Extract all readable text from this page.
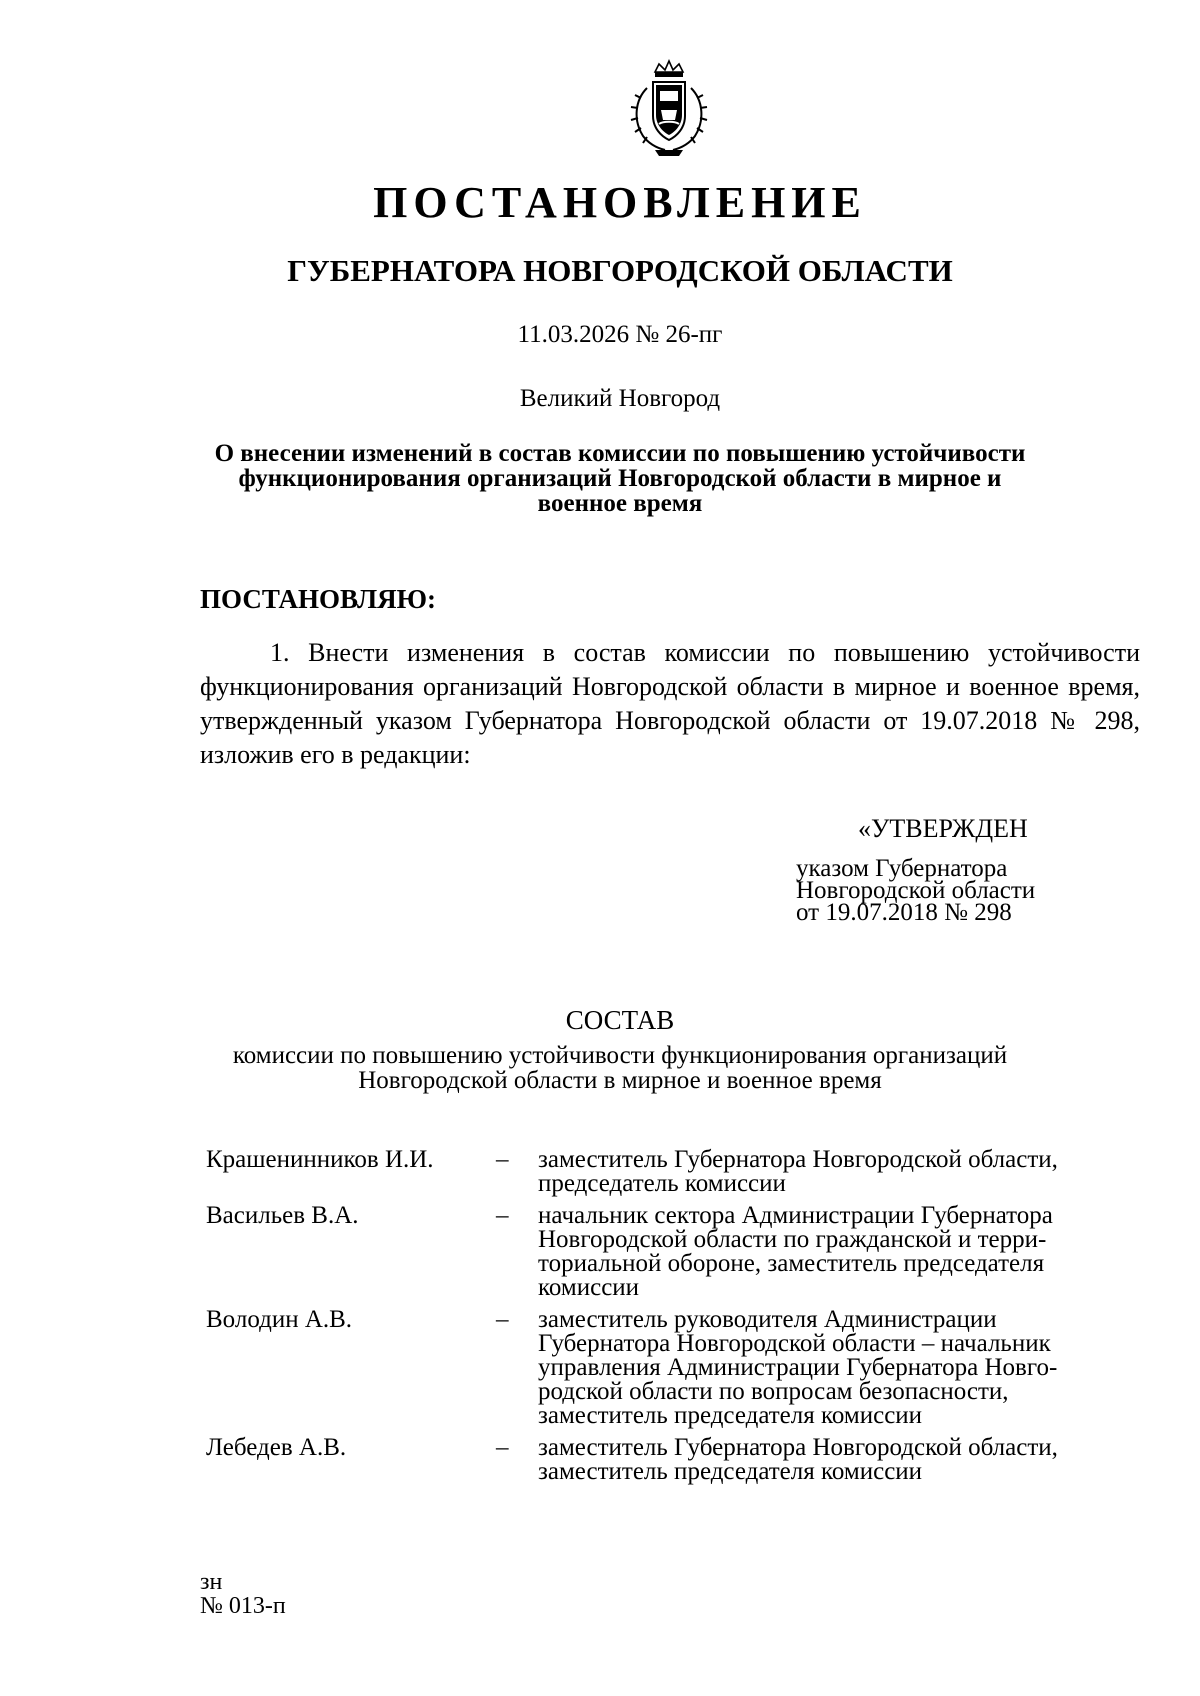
ПОСТАНОВЛЕНИЕ
ГУБЕРНАТОРА НОВГОРОДСКОЙ ОБЛАСТИ
11.03.2026 № 26-пг
Великий Новгород
О внесении изменений в состав комиссии по повышению устойчивости
функционирования организаций Новгородской области в мирное и
военное время
ПОСТАНОВЛЯЮ:
1. Внести изменения в состав комиссии по повышению устойчивости функционирования организаций Новгородской области в мирное и военное время, утвержденный указом Губернатора Новгородской области от 19.07.2018 № 298, изложив его в редакции:
«УТВЕРЖДЕН
указом Губернатора
Новгородской области
от 19.07.2018 № 298
СОСТАВ
комиссии по повышению устойчивости функционирования организаций
Новгородской области в мирное и военное время
Крашенинников И.И.	–	заместитель Губернатора Новгородской области,
председатель комиссии
Васильев В.А.	–	начальник сектора Администрации Губернатора
Новгородской области по гражданской и терри-
ториальной обороне, заместитель председателя
комиссии
Володин А.В.	–	заместитель руководителя Администрации
Губернатора Новгородской области – начальник
управления Администрации Губернатора Новго-
родской области по вопросам безопасности,
заместитель председателя комиссии
Лебедев А.В.	–	заместитель Губернатора Новгородской области,
заместитель председателя комиссии
зн
№ 013-п
